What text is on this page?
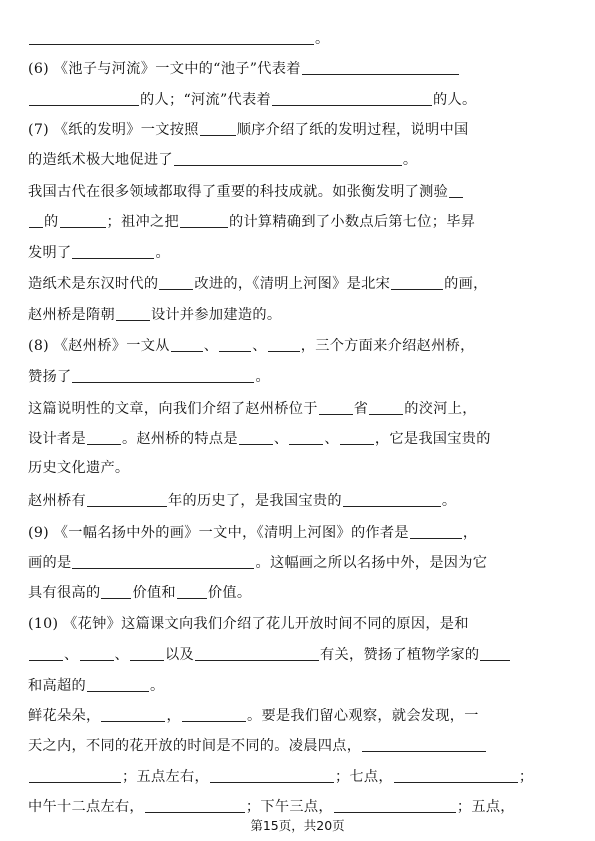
。
(6) 《池子与河流》一文中的“池子”代表着
的人；“河流”代表着	的人。
(7) 《纸的发明》一文按照	顺序介绍了纸的发明过程，说明中国
的造纸术极大地促进了	。
我国古代在很多领域都取得了重要的科技成就。如张衡发明了测验
的	；祖冲之把	的计算精确到了小数点后第七位；毕昇
发明了	。
造纸术是东汉时代的	改进的，《清明上河图》是北宋	的画，
赵州桥是隋朝	设计并参加建造的。
(8) 《赵州桥》一文从 、 、 ，三个方面来介绍赵州桥，
赞扬了	。
这篇说明性的文章，向我们介绍了赵州桥位于	省	的洨河上，
设计者是	。赵州桥的特点是	、	、	，它是我国宝贵的
历史文化遗产。
赵州桥有	年的历史了，是我国宝贵的	。
(9) 《一幅名扬中外的画》一文中，《清明上河图》的作者是	，
画的是	。这幅画之所以名扬中外，是因为它
具有很高的 价值和 价值。
(10) 《花钟》这篇课文向我们介绍了花儿开放时间不同的原因，是和
、	、	以及	有关，赞扬了植物学家的
和高超的	。
鲜花朵朵，	，	。要是我们留心观察，就会发现，一
天之内，不同的花开放的时间是不同的。凌晨四点，
；五点左右，	；七点，	；
中午十二点左右，	；下午三点，	；五点，
第15页，共20页
